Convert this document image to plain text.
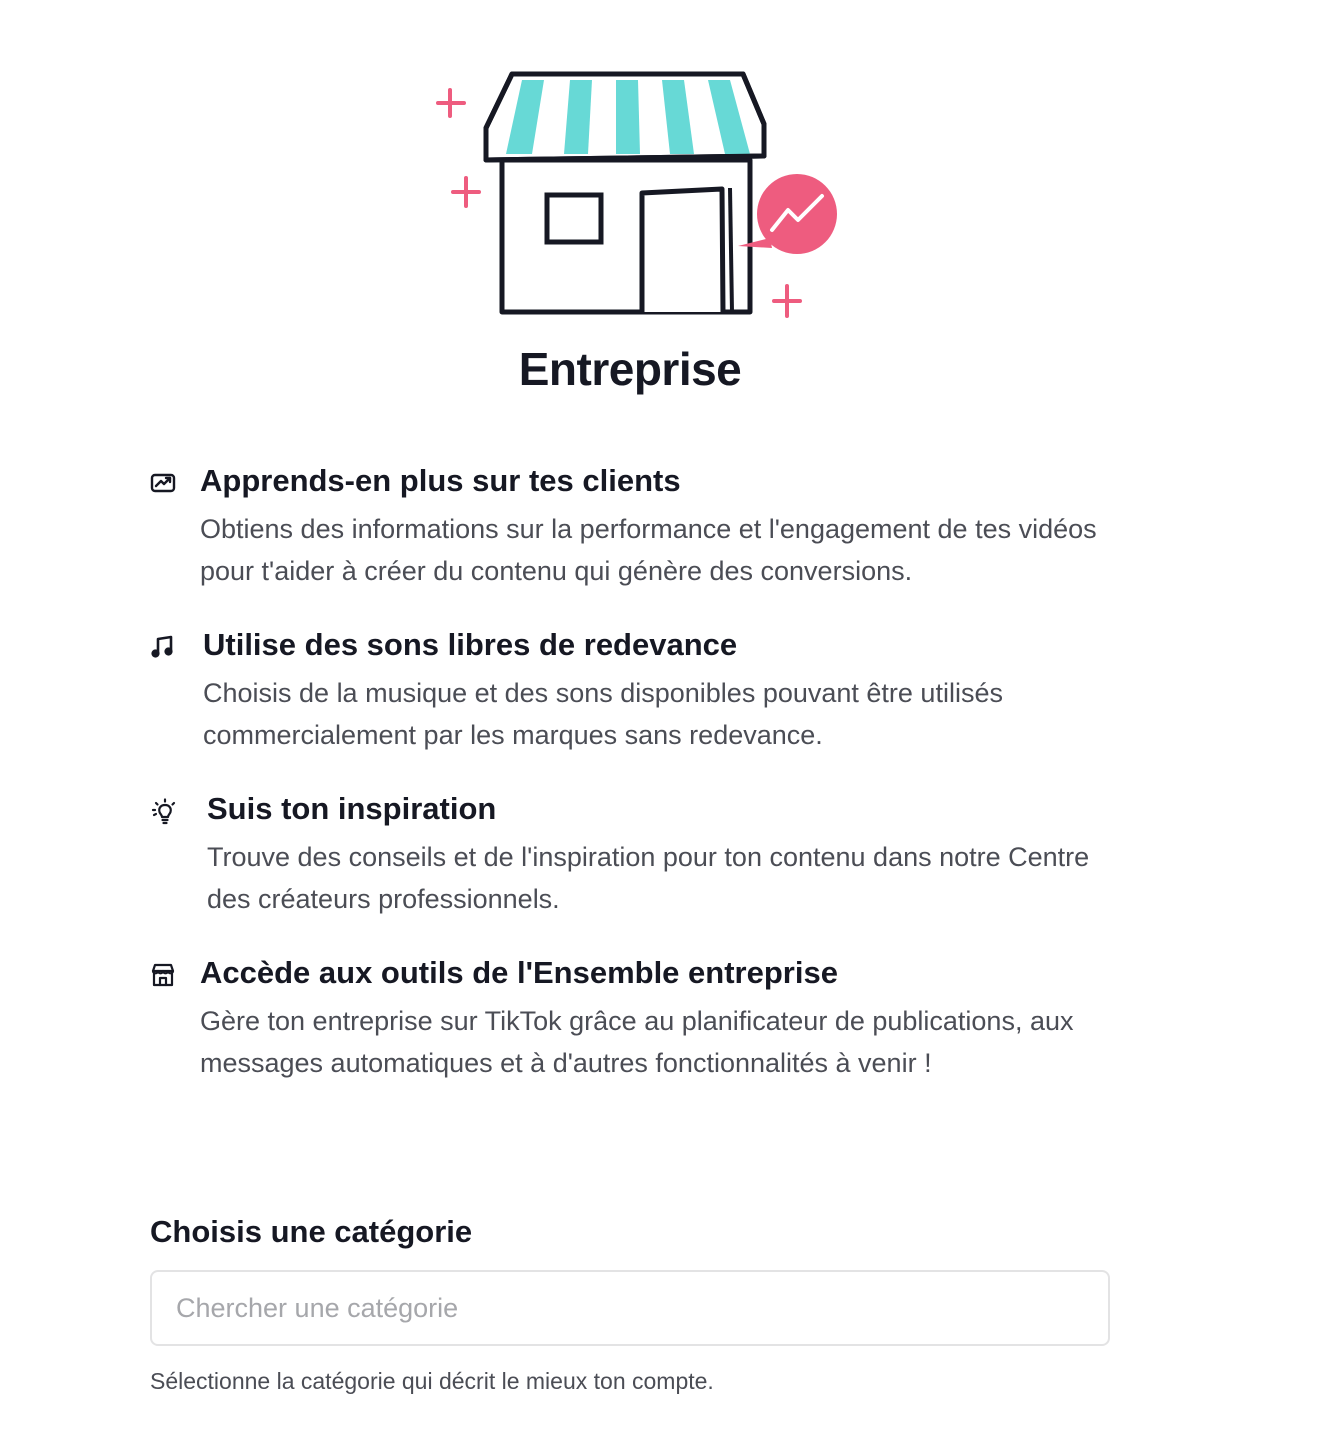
Entreprise
Apprends-en plus sur tes clients
Obtiens des informations sur la performance et l'engagement de tes vidéos pour t'aider à créer du contenu qui génère des conversions.
Utilise des sons libres de redevance
Choisis de la musique et des sons disponibles pouvant être utilisés commercialement par les marques sans redevance.
Suis ton inspiration
Trouve des conseils et de l'inspiration pour ton contenu dans notre Centre des créateurs professionnels.
Accède aux outils de l'Ensemble entreprise
Gère ton entreprise sur TikTok grâce au planificateur de publications, aux messages automatiques et à d'autres fonctionnalités à venir !
Choisis une catégorie
Chercher une catégorie
Sélectionne la catégorie qui décrit le mieux ton compte.
